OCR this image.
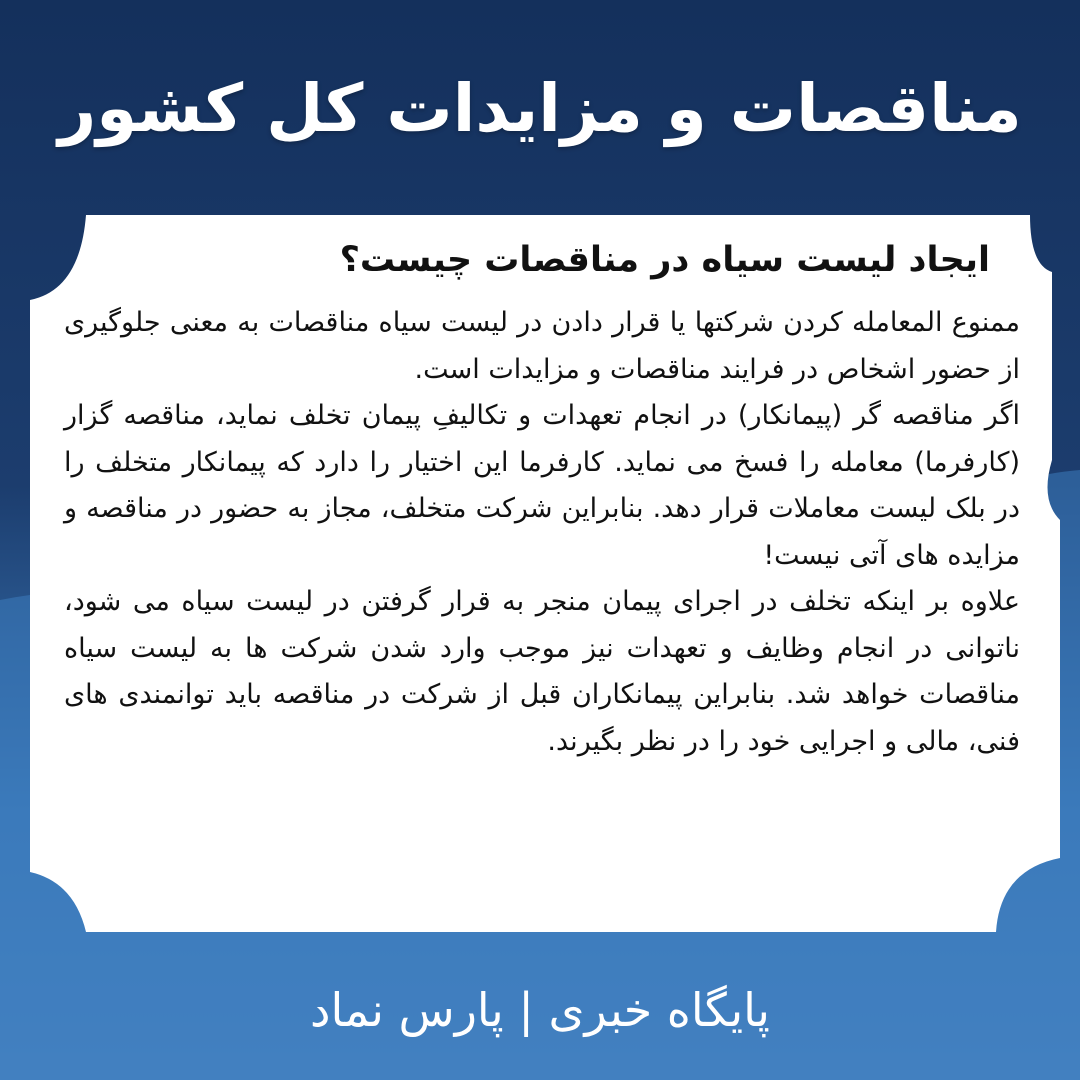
مناقصات و مزایدات کل کشور
ایجاد لیست سیاه در مناقصات چیست؟

ممنوع المعامله کردن شرکتها یا قرار دادن در لیست سیاه مناقصات به معنی جلوگیری از حضور اشخاص در فرایند مناقصات و مزایدات است.

اگر مناقصه گر (پیمانکار) در انجام تعهدات و تکالیفِ پیمان تخلف نماید، مناقصه گزار (کارفرما) معامله را فسخ می نماید. کارفرما این اختیار را دارد که پیمانکار متخلف را در بلک لیست معاملات قرار دهد. بنابراین شرکت متخلف، مجاز به حضور در مناقصه و مزایده های آتی نیست!

علاوه بر اینکه تخلف در اجرای پیمان منجر به قرار گرفتن در لیست سیاه می شود، ناتوانی در انجام وظایف و تعهدات نیز موجب وارد شدن شرکت ها به لیست سیاه مناقصات خواهد شد. بنابراین پیمانکاران قبل از شرکت در مناقصه باید توانمندی های فنی، مالی و اجرایی خود را در نظر بگیرند.

پایگاه خبری | پارس نماد
